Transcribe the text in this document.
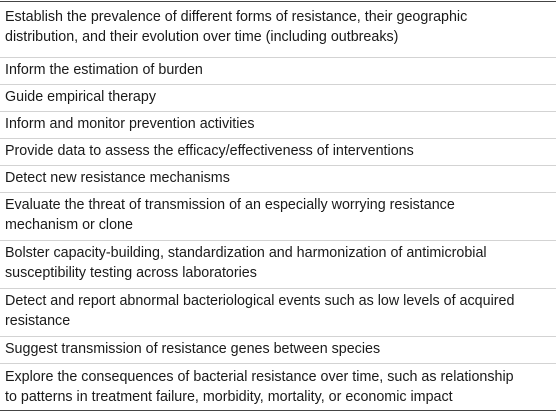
Establish the prevalence of different forms of resistance, their geographic
distribution, and their evolution over time (including outbreaks)
Inform the estimation of burden
Guide empirical therapy
Inform and monitor prevention activities
Provide data to assess the efficacy/effectiveness of interventions
Detect new resistance mechanisms
Evaluate the threat of transmission of an especially worrying resistance
mechanism or clone
Bolster capacity-building, standardization and harmonization of antimicrobial
susceptibility testing across laboratories
Detect and report abnormal bacteriological events such as low levels of acquired
resistance
Suggest transmission of resistance genes between species
Explore the consequences of bacterial resistance over time, such as relationship
to patterns in treatment failure, morbidity, mortality, or economic impact
